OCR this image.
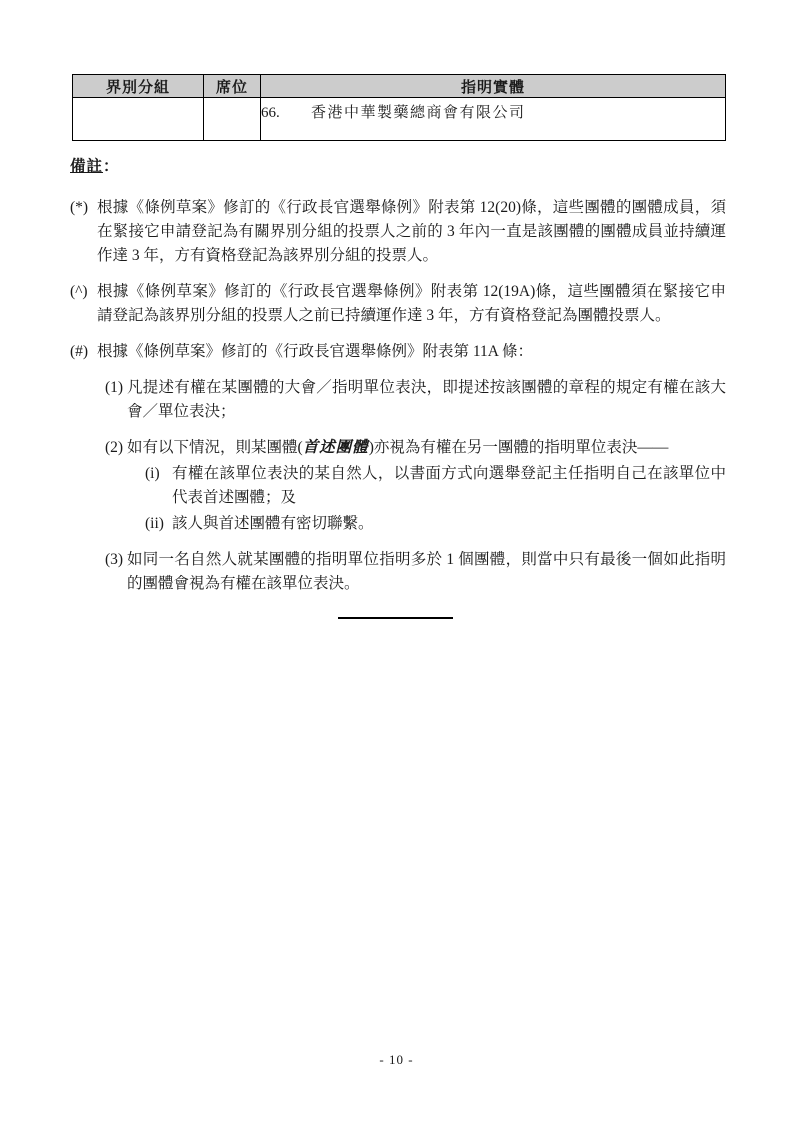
界別分組	席位	指明實體
		66. 香港中華製藥總商會有限公司
備註：
(*) 根據《條例草案》修訂的《行政長官選舉條例》附表第 12(20)條，這些團體的團體成員，須在緊接它申請登記為有關界別分組的投票人之前的 3 年內一直是該團體的團體成員並持續運作達 3 年，方有資格登記為該界別分組的投票人。
(^) 根據《條例草案》修訂的《行政長官選舉條例》附表第 12(19A)條，這些團體須在緊接它申請登記為該界別分組的投票人之前已持續運作達 3 年，方有資格登記為團體投票人。
(#) 根據《條例草案》修訂的《行政長官選舉條例》附表第 11A 條：
(1) 凡提述有權在某團體的大會／指明單位表決，即提述按該團體的章程的規定有權在該大會／單位表決；
(2) 如有以下情況，則某團體(首述團體)亦視為有權在另一團體的指明單位表決——
(i) 有權在該單位表決的某自然人，以書面方式向選舉登記主任指明自己在該單位中代表首述團體；及
(ii) 該人與首述團體有密切聯繫。
(3) 如同一名自然人就某團體的指明單位指明多於 1 個團體，則當中只有最後一個如此指明的團體會視為有權在該單位表決。
- 10 -
